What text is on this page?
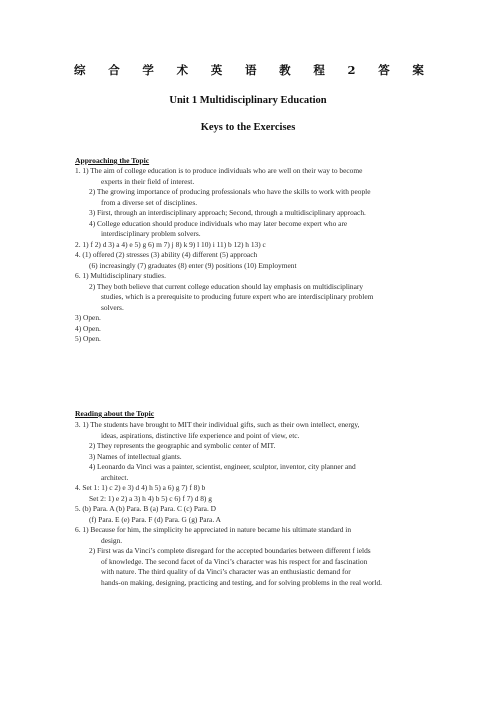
综 合 学 术 英 语 教 程 2 答 案
Unit 1 Multidisciplinary Education
Keys to the Exercises
Approaching the Topic
1. 1) The aim of college education is to produce individuals who are well on their way to become
experts in their field of interest.
2) The growing importance of producing professionals who have the skills to work with people
from a diverse set of disciplines.
3) First, through an interdisciplinary approach; Second, through a multidisciplinary approach.
4) College education should produce individuals who may later become expert who are
interdisciplinary problem solvers.
2. 1) f 2) d 3) a 4) e 5) g 6) m 7) j 8) k 9) l 10) i 11) b 12) h 13) c
4. (1) offered (2) stresses (3) ability (4) different (5) approach
(6) increasingly (7) graduates (8) enter (9) positions (10) Employment
6. 1) Multidisciplinary studies.
2) They both believe that current college education should lay emphasis on multidisciplinary
studies, which is a prerequisite to producing future expert who are interdisciplinary problem
solvers.
3) Open.
4) Open.
5) Open.
Reading about the Topic
3. 1) The students have brought to MIT their individual gifts, such as their own intellect, energy,
ideas, aspirations, distinctive life experience and point of view, etc.
2) They represents the geographic and symbolic center of MIT.
3) Names of intellectual giants.
4) Leonardo da Vinci was a painter, scientist, engineer, sculptor, inventor, city planner and
architect.
4. Set 1: 1) c 2) e 3) d 4) h 5) a 6) g 7) f 8) b
Set 2: 1) e 2) a 3) h 4) b 5) c 6) f 7) d 8) g
5. (b) Para. A (b) Para. B (a) Para. C (c) Para. D
(f) Para. E (e) Para. F (d) Para. G (g) Para. A
6. 1) Because for him, the simplicity he appreciated in nature became his ultimate standard in
design.
2) First was da Vinci’s complete disregard for the accepted boundaries between different f ields
of knowledge. The second facet of da Vinci’s character was his respect for and fascination
with nature. The third quality of da Vinci’s character was an enthusiastic demand for
hands-on making, designing, practicing and testing, and for solving problems in the real world.
